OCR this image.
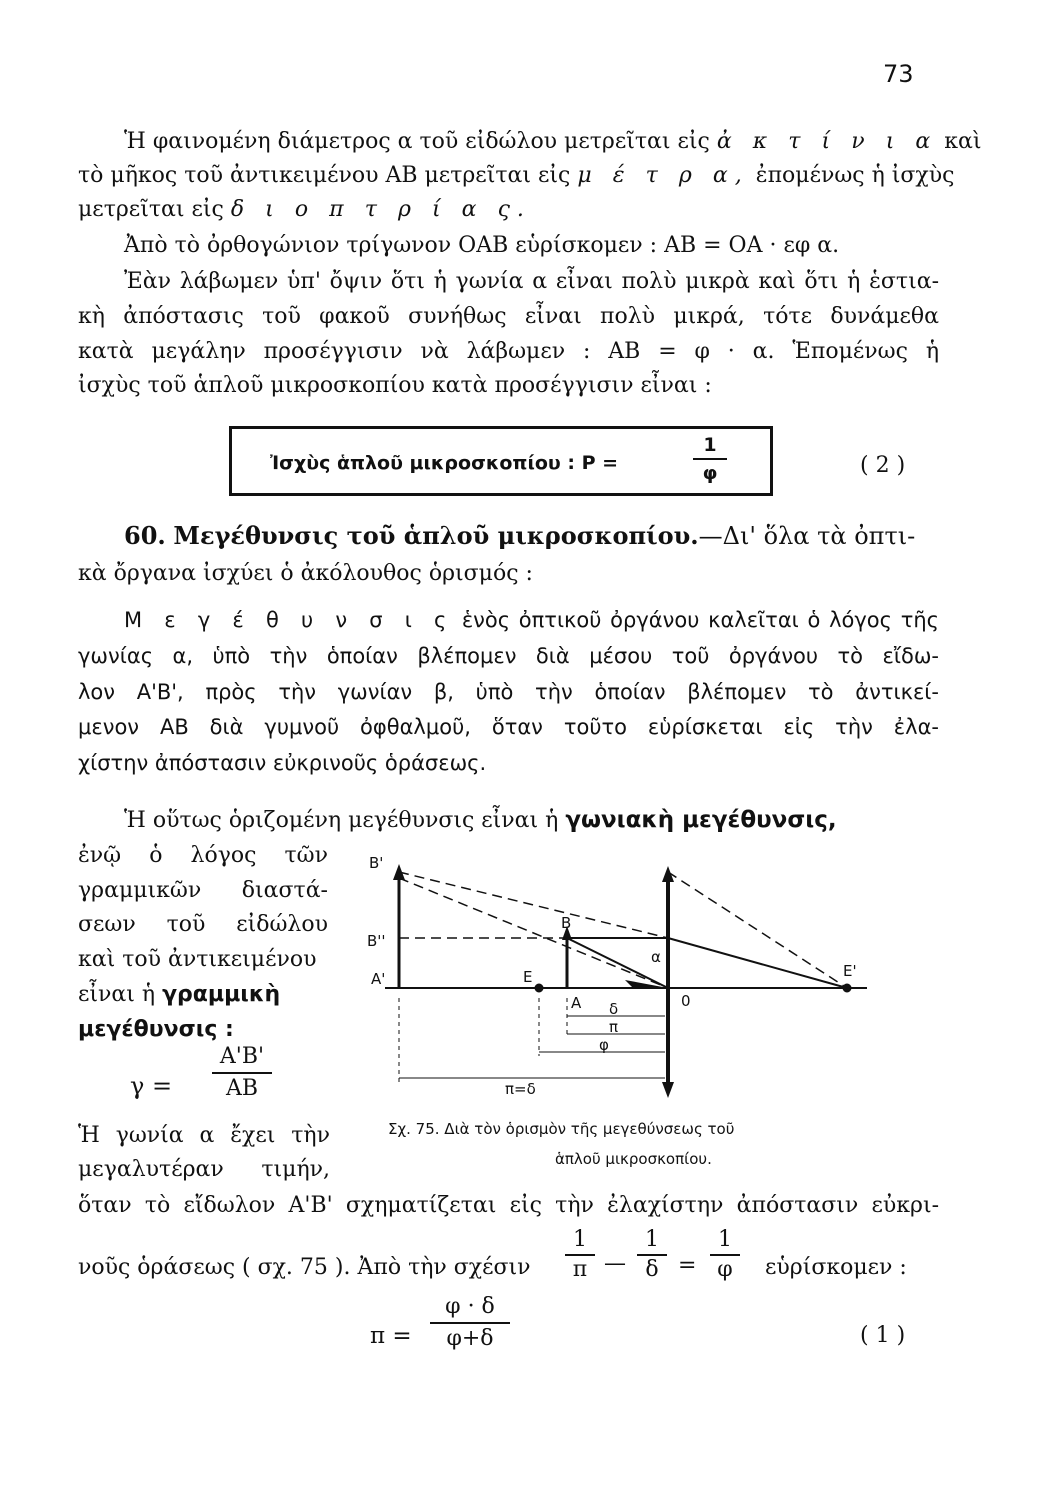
73
Ἡ φαινομένη διάμετρος α τοῦ εἰδώλου μετρεῖται εἰς ἀ κ τ ί ν ι α καὶ
τὸ μῆκος τοῦ ἀντικειμένου ΑΒ μετρεῖται εἰς μ έ τ ρ α, ἐπομένως ἡ ἰσχὺς
μετρεῖται εἰς δ ι ο π τ ρ ί α ς.
Ἀπὸ τὸ ὀρθογώνιον τρίγωνον ΟΑΒ εὑρίσκομεν : ΑΒ = ΟΑ · εφ α.
Ἐὰν λάβωμεν ὑπ' ὄψιν ὅτι ἡ γωνία α εἶναι πολὺ μικρὰ καὶ ὅτι ἡ ἑστια-
κὴ ἀπόστασις τοῦ φακοῦ συνήθως εἶναι πολὺ μικρά, τότε δυνάμεθα
κατὰ μεγάλην προσέγγισιν νὰ λάβωμεν : ΑΒ = φ · α. Ἑπομένως ἡ
ἰσχὺς τοῦ ἁπλοῦ μικροσκοπίου κατὰ προσέγγισιν εἶναι :
Ἰσχὺς ἁπλοῦ μικροσκοπίου : Ρ =
1
φ	( 2 )
60. Μεγέθυνσις τοῦ ἁπλοῦ μικροσκοπίου.—Δι' ὅλα τὰ ὀπτι-
κὰ ὄργανα ἰσχύει ὁ ἀκόλουθος ὁρισμός :
Μ ε γ έ θ υ ν σ ι ς ἑνὸς ὀπτικοῦ ὀργάνου καλεῖται ὁ λόγος τῆς
γωνίας α, ὑπὸ τὴν ὁποίαν βλέπομεν διὰ μέσου τοῦ ὀργάνου τὸ εἴδω-
λον Α'Β', πρὸς τὴν γωνίαν β, ὑπὸ τὴν ὁποίαν βλέπομεν τὸ ἀντικεί-
μενον ΑΒ διὰ γυμνοῦ ὀφθαλμοῦ, ὅταν τοῦτο εὑρίσκεται εἰς τὴν ἐλα-
χίστην ἀπόστασιν εὐκρινοῦς ὁράσεως.
Ἡ οὕτως ὁριζομένη μεγέθυνσις εἶναι ἡ γωνιακὴ μεγέθυνσις,
ἐνῷ ὁ λόγος τῶν
γραμμικῶν διαστά-
σεων τοῦ εἰδώλου
καὶ τοῦ ἀντικειμένου
εἶναι ἡ γραμμικὴ
μεγέθυνσις :
γ =
Α'Β'
ΑΒ
Ἡ γωνία α ἔχει τὴν
μεγαλυτέραν τιμήν,
Β'
Β''
Α'
Β
Α
Ε	Ε'
0
α
δ
π
φ
π=δ
Σχ. 75. Διὰ τὸν ὁρισμὸν τῆς μεγεθύνσεως τοῦ
ἁπλοῦ μικροσκοπίου.
ὅταν τὸ εἴδωλον Α'Β' σχηματίζεται εἰς τὴν ἐλαχίστην ἀπόστασιν εὐκρι-
νοῦς ὁράσεως ( σχ. 75 ). Ἀπὸ τὴν σχέσιν
1
π —
1
δ =
1
φ	εὑρίσκομεν :
π =
φ · δ
φ+δ	( 1 )
